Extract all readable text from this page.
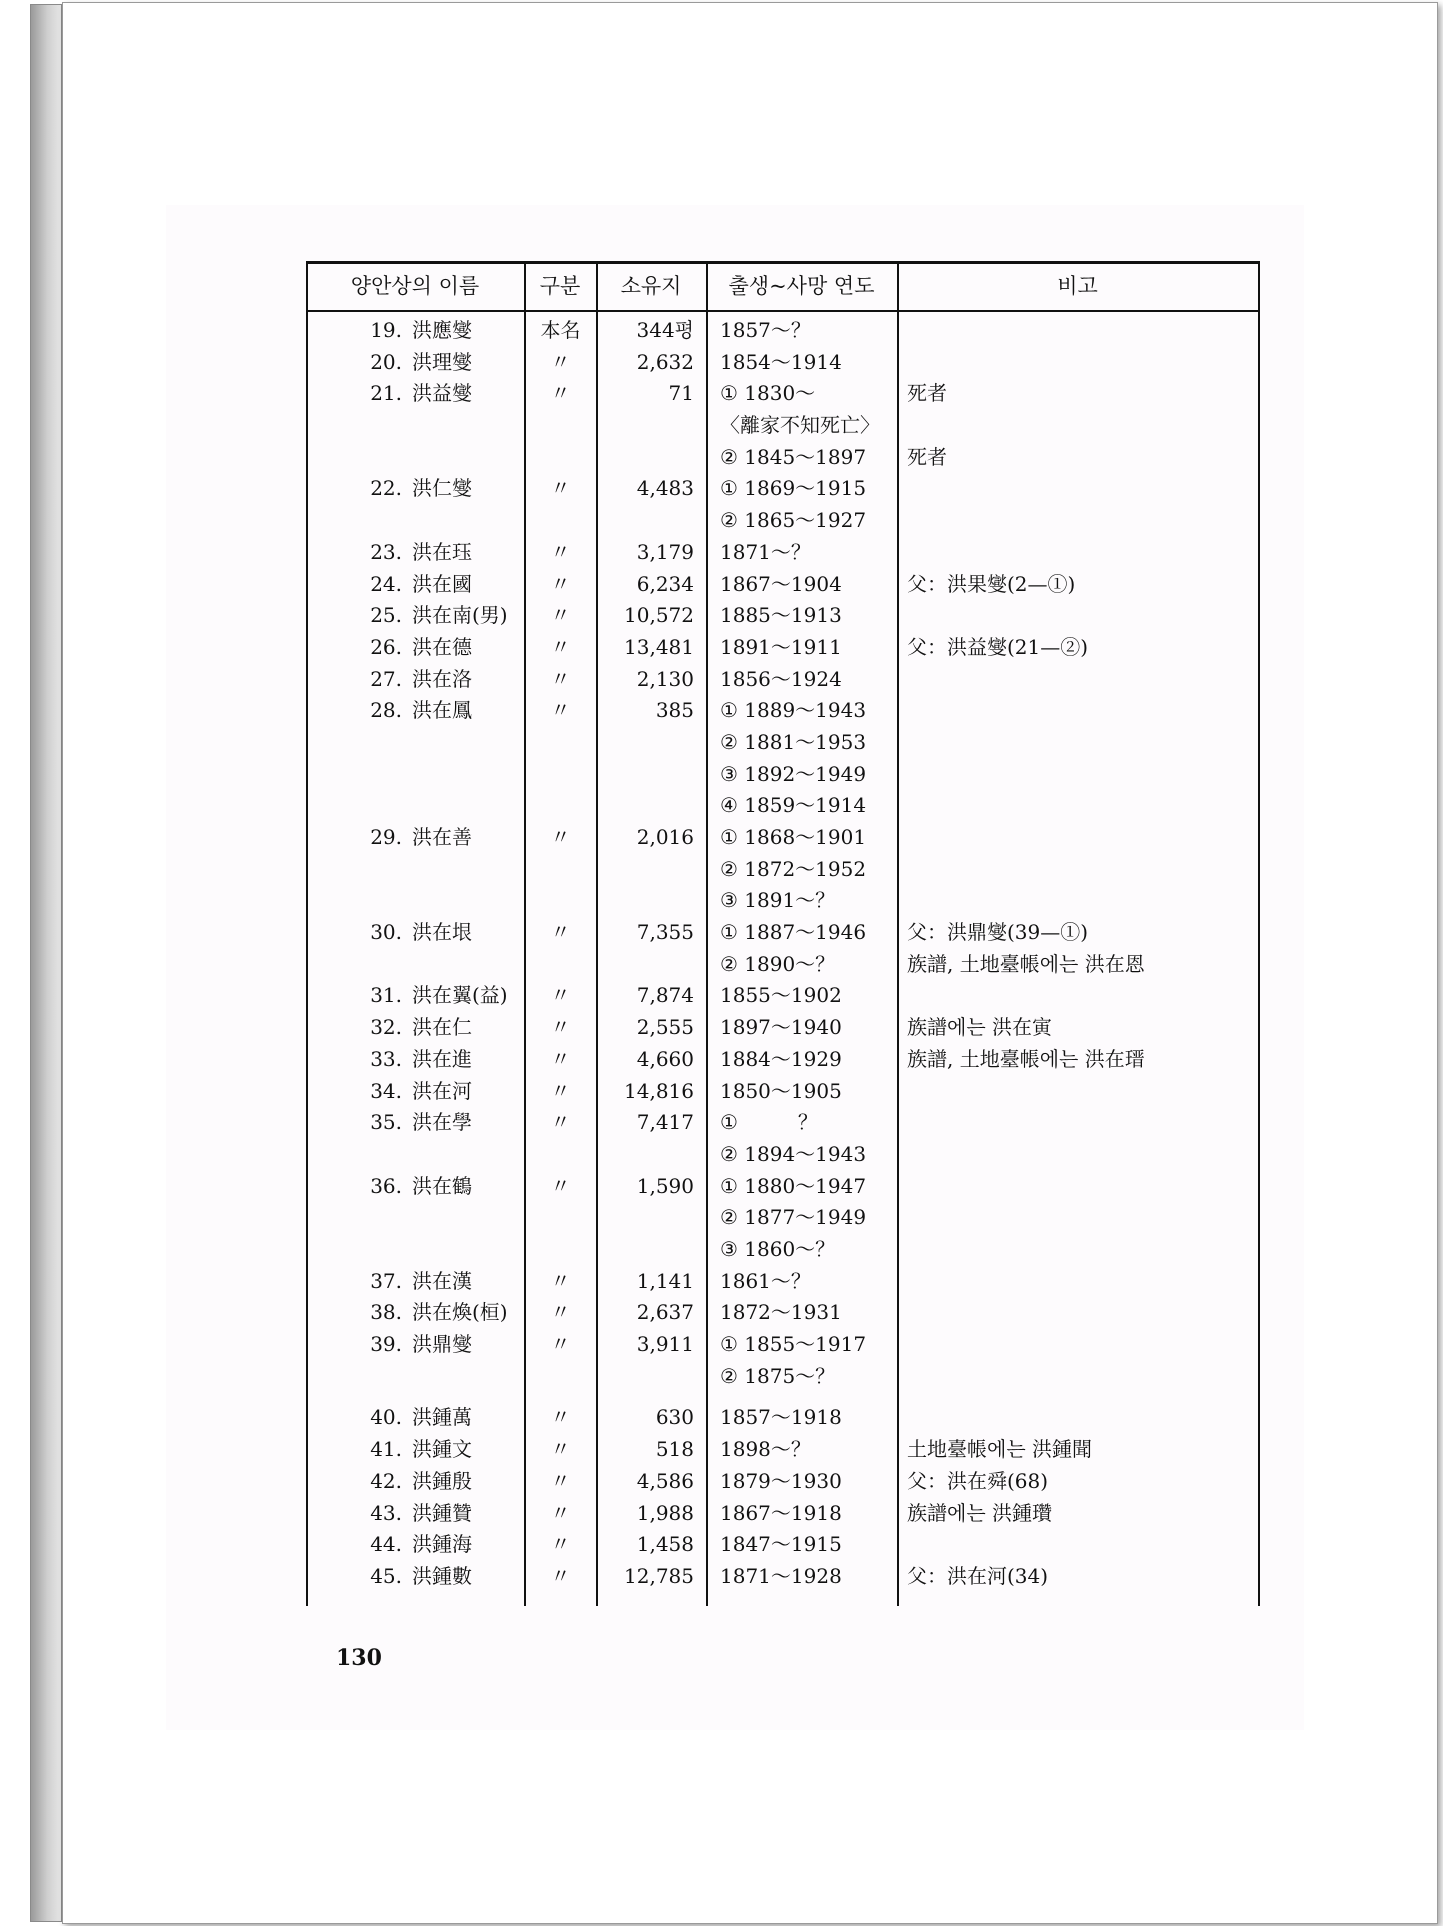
양안상의 이름	구분	소유지	출생~사망 연도	비고
19. 洪應燮	本名	344평 1857～？
20. 洪理燮	〃	2,632 1854～1914
21. 洪益燮	〃	71 ① 1830～	死者
〈離家不知死亡〉
② 1845～1897 死者
22. 洪仁燮	〃	4,483 ① 1869～1915
② 1865～1927
23. 洪在珏	〃	3,179 1871～？
24. 洪在國	〃	6,234 1867～1904	父：洪果燮(2—①)
25. 洪在南(男)	〃	10,572 1885～1913
26. 洪在德	〃	13,481 1891～1911	父：洪益燮(21—②)
27. 洪在洛	〃	2,130 1856～1924
28. 洪在鳳	〃	385 ① 1889～1943
② 1881～1953
③ 1892～1949
④ 1859～1914
29. 洪在善	〃	2,016 ① 1868～1901
② 1872～1952
③ 1891～？
30. 洪在垠	〃	7,355 ① 1887～1946 父：洪鼎燮(39—①)
② 1890～？	族譜, 土地臺帳에는 洪在恩
31. 洪在翼(益)	〃	7,874 1855～1902
32. 洪在仁	〃	2,555 1897～1940	族譜에는 洪在寅
33. 洪在進	〃	4,660 1884～1929	族譜, 土地臺帳에는 洪在瑨
34. 洪在河	〃	14,816 1850～1905
35. 洪在學	〃	7,417 ①　　　？
② 1894～1943
36. 洪在鶴	〃	1,590 ① 1880～1947
② 1877～1949
③ 1860～？
37. 洪在漢	〃	1,141 1861～？
38. 洪在煥(桓)	〃	2,637 1872～1931
39. 洪鼎燮	〃	3,911 ① 1855～1917
② 1875～？
40. 洪鍾萬	〃	630 1857～1918
41. 洪鍾文	〃	518 1898～？	土地臺帳에는 洪鍾聞
42. 洪鍾殷	〃	4,586 1879～1930	父：洪在舜(68)
43. 洪鍾贊	〃	1,988 1867～1918	族譜에는 洪鍾瓚
44. 洪鍾海	〃	1,458 1847～1915
45. 洪鍾數	〃	12,785 1871～1928	父：洪在河(34)
130
